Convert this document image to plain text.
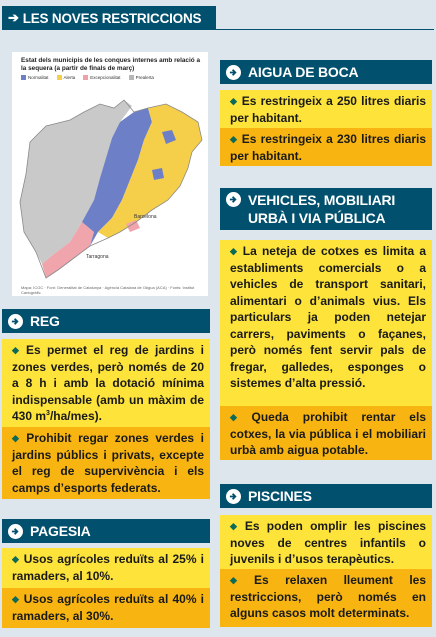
➔ LES NOVES RESTRICCIONS
Estat dels municipis de les conques internes amb relació a la sequera (a partir de finals de març)
Normalitat	Alerta	Excepcionalitat	Prealerta
Barcelona
Tarragona
Mapa: ICGC · Font: Generalitat de Catalunya · Agència Catalana de l'Aigua (ACA) · Fonts: Institut Cartogràfic
REG
◆ Es permet el reg de jardins i zones verdes, però només de 20 a 8 h i amb la dotació mínima indispensable (amb un màxim de 430 $m^3/ha/mes$).
◆ Prohibit regar zones verdes i jardins públics i privats, excepte el reg de supervivència i els camps d’esports federats.
PAGESIA
◆ Usos agrícoles reduïts al 25% i ramaders, al 10%.
◆ Usos agrícoles reduïts al 40% i ramaders, al 30%.
AIGUA DE BOCA
◆ Es restringeix a 250 litres diaris per habitant.
◆ Es restringeix a 230 litres diaris per habitant.
VEHICLES, MOBILIARI
URBÀ I VIA PÚBLICA
◆ La neteja de cotxes es limita a establiments comercials o a vehicles de transport sanitari, alimentari o d’animals vius. Els particulars ja poden netejar carrers, paviments o façanes, però només fent servir pals de fregar, galledes, esponges o sistemes d’alta pressió.
◆ Queda prohibit rentar els cotxes, la via pública i el mobiliari urbà amb aigua potable.
PISCINES
◆ Es poden omplir les piscines noves de centres infantils o juvenils i d’usos terapèutics.
◆ Es relaxen lleument les restriccions, però només en alguns casos molt determinats.
